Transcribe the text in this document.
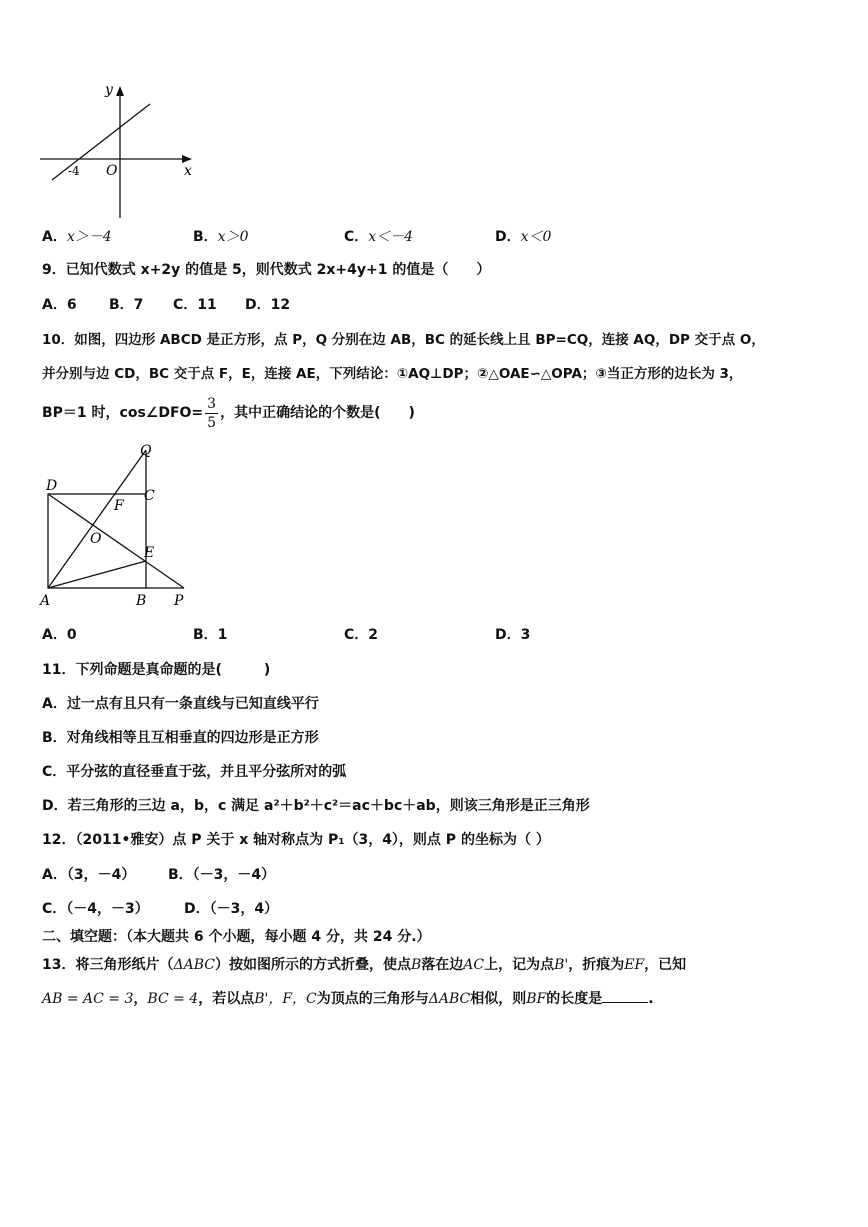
x
y
O
-4
A．x＞－4	B．x＞0	C．x＜－4	D．x＜0
9．已知代数式 x+2y 的值是 5，则代数式 2x+4y+1 的值是（　　）
A．6 B．7 C．11 D．12
10．如图，四边形 ABCD 是正方形，点 P，Q 分别在边 AB，BC 的延长线上且 BP=CQ，连接 AQ，DP 交于点 O，
并分别与边 CD，BC 交于点 F，E，连接 AE，下列结论：①AQ⊥DP；②△OAE∽△OPA；③当正方形的边长为 3，
BP＝1 时，cos∠DFO= $\frac{3}{5}$ ，其中正确结论的个数是(　　)
Q
D
C
F
O
E
A	B P
A．0	B．1	C．2	D．3
11．下列命题是真命题的是(　　　)
A．过一点有且只有一条直线与已知直线平行
B．对角线相等且互相垂直的四边形是正方形
C．平分弦的直径垂直于弦，并且平分弦所对的弧
D．若三角形的三边 a，b，c 满足 a²＋b²＋c²＝ac＋bc＋ab，则该三角形是正三角形
12．（2011•雅安）点 P 关于 x 轴对称点为 P₁（3，4），则点 P 的坐标为（ ）
A．（3，－4） B．（－3，－4）
C．（－4，－3）	D．（－3，4）
二、填空题：（本大题共 6 个小题，每小题 4 分，共 24 分.）
13．将三角形纸片（ΔABC）按如图所示的方式折叠，使点B落在边AC上，记为点B'，折痕为EF，已知
AB = AC = 3，BC = 4，若以点B'，F，C为顶点的三角形与ΔABC相似，则BF的长度是	.
